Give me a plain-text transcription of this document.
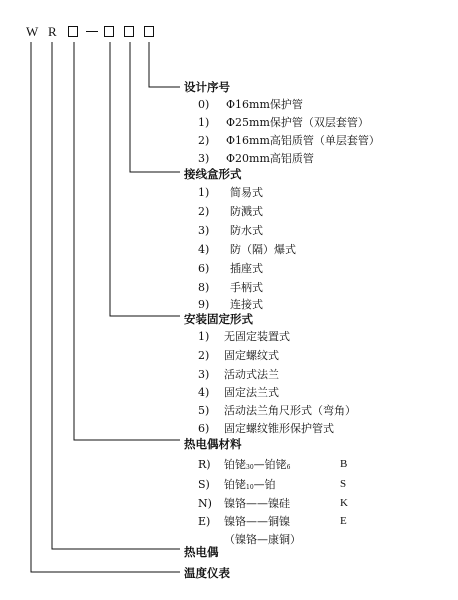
W R
设计序号
0) Φ16mm保护管
1) Φ25mm保护管（双层套管）
2) Φ16mm高铝质管（单层套管）
3) Φ20mm高铝质管
接线盒形式
1) 简易式
2) 防溅式
3) 防水式
4) 防（隔）爆式
6) 插座式
8) 手柄式
9) 连接式
安装固定形式
1) 无固定装置式
2) 固定螺纹式
3) 活动式法兰
4) 固定法兰式
5) 活动法兰角尺形式（弯角）
6) 固定螺纹锥形保护管式
热电偶材料
R) 铂铑30—铂铑6	B
S) 铂铑10—铂	S
N) 镍铬——镍硅	K
E) 镍铬——铜镍	E
（镍铬—康铜）
热电偶
温度仪表
